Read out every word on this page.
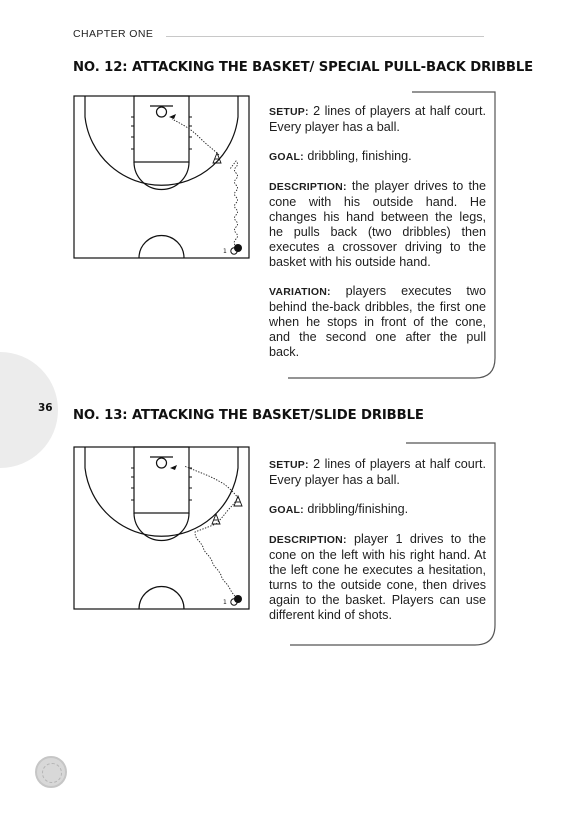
36
CHAPTER ONE
NO. 12: ATTACKING THE BASKET/ SPECIAL PULL-BACK DRIBBLE
1

SETUP: 2 lines of players at half court. Every player has a ball.

GOAL: dribbling, finishing.

DESCRIPTION: the player drives to the cone with his outside hand. He changes his hand between the legs, he pulls back (two dribbles) then executes a crossover driving to the basket with his outside hand.

VARIATION: players executes two behind the-back dribbles, the first one when he stops in front of the cone, and the second one after the pull back.

NO. 13: ATTACKING THE BASKET/SLIDE DRIBBLE
1

SETUP: 2 lines of players at half court. Every player has a ball.

GOAL: dribbling/finishing.

DESCRIPTION: player 1 drives to the cone on the left with his right hand. At the left cone he executes a hesitation, turns to the outside cone, then drives again to the basket. Players can use different kind of shots.
